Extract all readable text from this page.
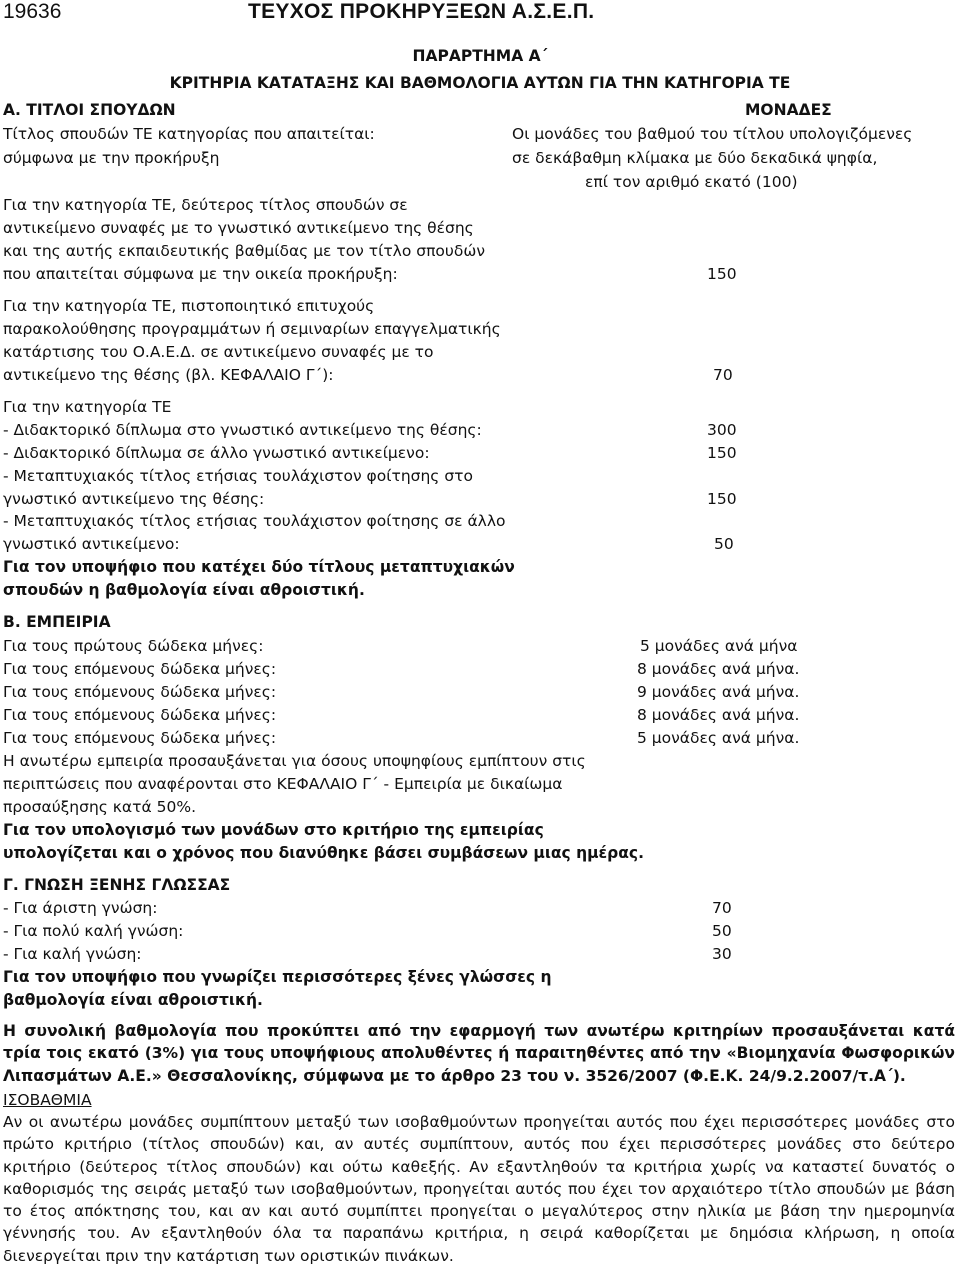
19636	ΤΕΥΧΟΣ ΠΡΟΚΗΡΥΞΕΩΝ Α.Σ.Ε.Π.
ΠΑΡΑΡΤΗΜΑ Α΄
ΚΡΙΤΗΡΙΑ ΚΑΤΑΤΑΞΗΣ ΚΑΙ ΒΑΘΜΟΛΟΓΙΑ ΑΥΤΩΝ ΓΙΑ ΤΗΝ ΚΑΤΗΓΟΡΙΑ ΤΕ
Α. ΤΙΤΛΟΙ ΣΠΟΥΔΩΝ	ΜΟΝΑΔΕΣ
Τίτλος σπουδών ΤΕ κατηγορίας που απαιτείται:
σύμφωνα με την προκήρυξη
Οι μονάδες του βαθμού του τίτλου υπολογιζόμενες
σε δεκάβαθμη κλίμακα με δύο δεκαδικά ψηφία,
επί τον αριθμό εκατό (100)
Για την κατηγορία ΤΕ, δεύτερος τίτλος σπουδών σε
αντικείμενο συναφές με το γνωστικό αντικείμενο της θέσης
και της αυτής εκπαιδευτικής βαθμίδας με τον τίτλο σπουδών
που απαιτείται σύμφωνα με την οικεία προκήρυξη:	150
Για την κατηγορία ΤΕ, πιστοποιητικό επιτυχούς
παρακολούθησης προγραμμάτων ή σεμιναρίων επαγγελματικής
κατάρτισης του Ο.Α.Ε.Δ. σε αντικείμενο συναφές με το
αντικείμενο της θέσης (βλ. ΚΕΦΑΛΑΙΟ Γ΄):	70
Για την κατηγορία ΤΕ
- Διδακτορικό δίπλωμα στο γνωστικό αντικείμενο της θέσης:	300
- Διδακτορικό δίπλωμα σε άλλο γνωστικό αντικείμενο:	150
- Μεταπτυχιακός τίτλος ετήσιας τουλάχιστον φοίτησης στο
γνωστικό αντικείμενο της θέσης:	150
- Μεταπτυχιακός τίτλος ετήσιας τουλάχιστον φοίτησης σε άλλο
γνωστικό αντικείμενο:	50
Για τον υποψήφιο που κατέχει δύο τίτλους μεταπτυχιακών
σπουδών η βαθμολογία είναι αθροιστική.
Β. ΕΜΠΕΙΡΙΑ
Για τους πρώτους δώδεκα μήνες:	5 μονάδες ανά μήνα
Για τους επόμενους δώδεκα μήνες:	8 μονάδες ανά μήνα.
Για τους επόμενους δώδεκα μήνες:	9 μονάδες ανά μήνα.
Για τους επόμενους δώδεκα μήνες:	8 μονάδες ανά μήνα.
Για τους επόμενους δώδεκα μήνες:	5 μονάδες ανά μήνα.
Η ανωτέρω εμπειρία προσαυξάνεται για όσους υποψηφίους εμπίπτουν στις
περιπτώσεις που αναφέρονται στο ΚΕΦΑΛΑΙΟ Γ΄ - Εμπειρία με δικαίωμα
προσαύξησης κατά 50%.
Για τον υπολογισμό των μονάδων στο κριτήριο της εμπειρίας
υπολογίζεται και ο χρόνος που διανύθηκε βάσει συμβάσεων μιας ημέρας.
Γ. ΓΝΩΣΗ ΞΕΝΗΣ ΓΛΩΣΣΑΣ
- Για άριστη γνώση:	70
- Για πολύ καλή γνώση:	50
- Για καλή γνώση:	30
Για τον υποψήφιο που γνωρίζει περισσότερες ξένες γλώσσες η
βαθμολογία είναι αθροιστική.
Η συνολική βαθμολογία που προκύπτει από την εφαρμογή των ανωτέρω κριτηρίων προσαυξάνεται κατά τρία τοις εκατό (3%) για τους υποψήφιους απολυθέντες ή παραιτηθέντες από την «Βιομηχανία Φωσφορικών Λιπασμάτων Α.Ε.» Θεσσαλονίκης, σύμφωνα με το άρθρο 23 του ν. 3526/2007 (Φ.Ε.Κ. 24/9.2.2007/τ.Α΄).
ΙΣΟΒΑΘΜΙΑ
Αν οι ανωτέρω μονάδες συμπίπτουν μεταξύ των ισοβαθμούντων προηγείται αυτός που έχει περισσότερες μονάδες στο πρώτο κριτήριο (τίτλος σπουδών) και, αν αυτές συμπίπτουν, αυτός που έχει περισσότερες μονάδες στο δεύτερο κριτήριο (δεύτερος τίτλος σπουδών) και ούτω καθεξής. Αν εξαντληθούν τα κριτήρια χωρίς να καταστεί δυνατός ο καθορισμός της σειράς μεταξύ των ισοβαθμούντων, προηγείται αυτός που έχει τον αρχαιότερο τίτλο σπουδών με βάση το έτος απόκτησης του, και αν και αυτό συμπίπτει προηγείται ο μεγαλύτερος στην ηλικία με βάση την ημερομηνία γέννησής του. Αν εξαντληθούν όλα τα παραπάνω κριτήρια, η σειρά καθορίζεται με δημόσια κλήρωση, η οποία διενεργείται πριν την κατάρτιση των οριστικών πινάκων.
